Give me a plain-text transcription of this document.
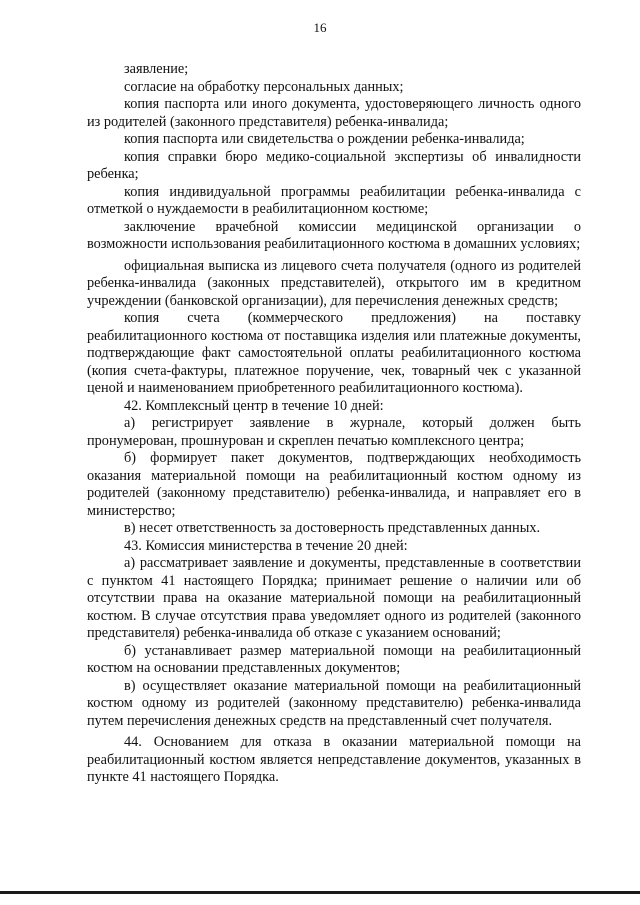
16

заявление;

согласие на обработку персональных данных;

копия паспорта или иного документа, удостоверяющего личность одного из родителей (законного представителя) ребенка-инвалида;

копия паспорта или свидетельства о рождении ребенка-инвалида;

копия справки бюро медико-социальной экспертизы об инвалидности ребенка;

копия индивидуальной программы реабилитации ребенка-инвалида с отметкой о нуждаемости в реабилитационном костюме;

заключение врачебной комиссии медицинской организации о возможности использования реабилитационного костюма в домашних условиях;

официальная выписка из лицевого счета получателя (одного из родителей ребенка-инвалида (законных представителей), открытого им в кредитном учреждении (банковской организации), для перечисления денежных средств;

копия счета (коммерческого предложения) на поставку реабилитационного костюма от поставщика изделия или платежные документы, подтверждающие факт самостоятельной оплаты реабилитационного костюма (копия счета-фактуры, платежное поручение, чек, товарный чек с указанной ценой и наименованием приобретенного реабилитационного костюма).

42. Комплексный центр в течение 10 дней:

а) регистрирует заявление в журнале, который должен быть пронумерован, прошнурован и скреплен печатью комплексного центра;

б) формирует пакет документов, подтверждающих необходимость оказания материальной помощи на реабилитационный костюм одному из родителей (законному представителю) ребенка-инвалида, и направляет его в министерство;

в) несет ответственность за достоверность представленных данных.

43. Комиссия министерства в течение 20 дней:

а) рассматривает заявление и документы, представленные в соответствии с пунктом 41 настоящего Порядка; принимает решение о наличии или об отсутствии права на оказание материальной помощи на реабилитационный костюм. В случае отсутствия права уведомляет одного из родителей (законного представителя) ребенка-инвалида об отказе с указанием оснований;

б) устанавливает размер материальной помощи на реабилитационный костюм на основании представленных документов;

в) осуществляет оказание материальной помощи на реабилитационный костюм одному из родителей (законному представителю) ребенка-инвалида путем перечисления денежных средств на представленный счет получателя.

44. Основанием для отказа в оказании материальной помощи на реабилитационный костюм является непредставление документов, указанных в пункте 41 настоящего Порядка.
